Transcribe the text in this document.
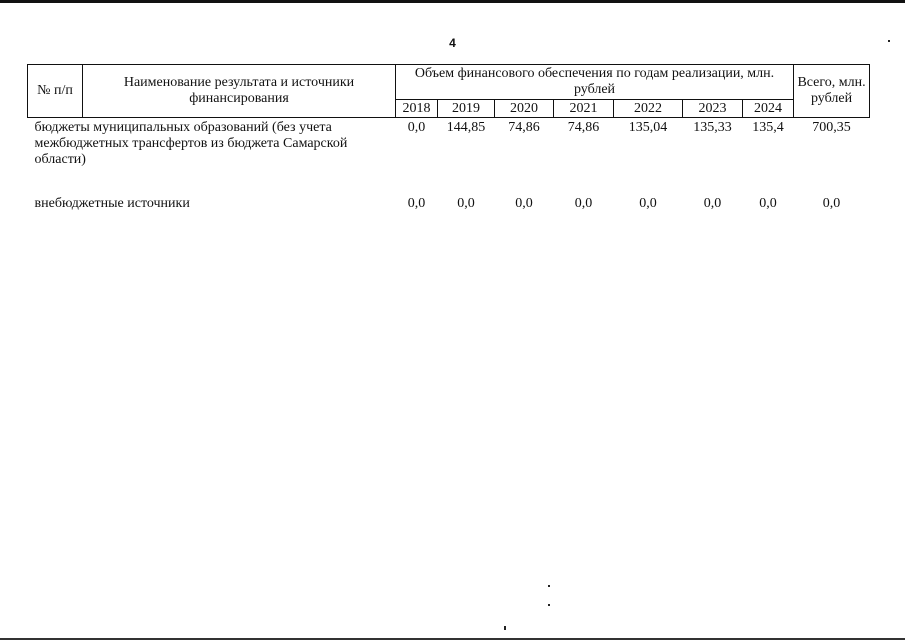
4
№ п/п	Наименование результата и источники финансирования	Объем финансового обеспечения по годам реализации, млн. рублей							Всего, млн. рублей
		2018	2019	2020	2021	2022	2023	2024	
бюджеты муниципальных образований (без учета межбюджетных трансфертов из бюджета Самарской области)		0,0	144,85	74,86	74,86	135,04	135,33	135,4	700,35
внебюджетные источники		0,0	0,0	0,0	0,0	0,0	0,0	0,0	0,0
